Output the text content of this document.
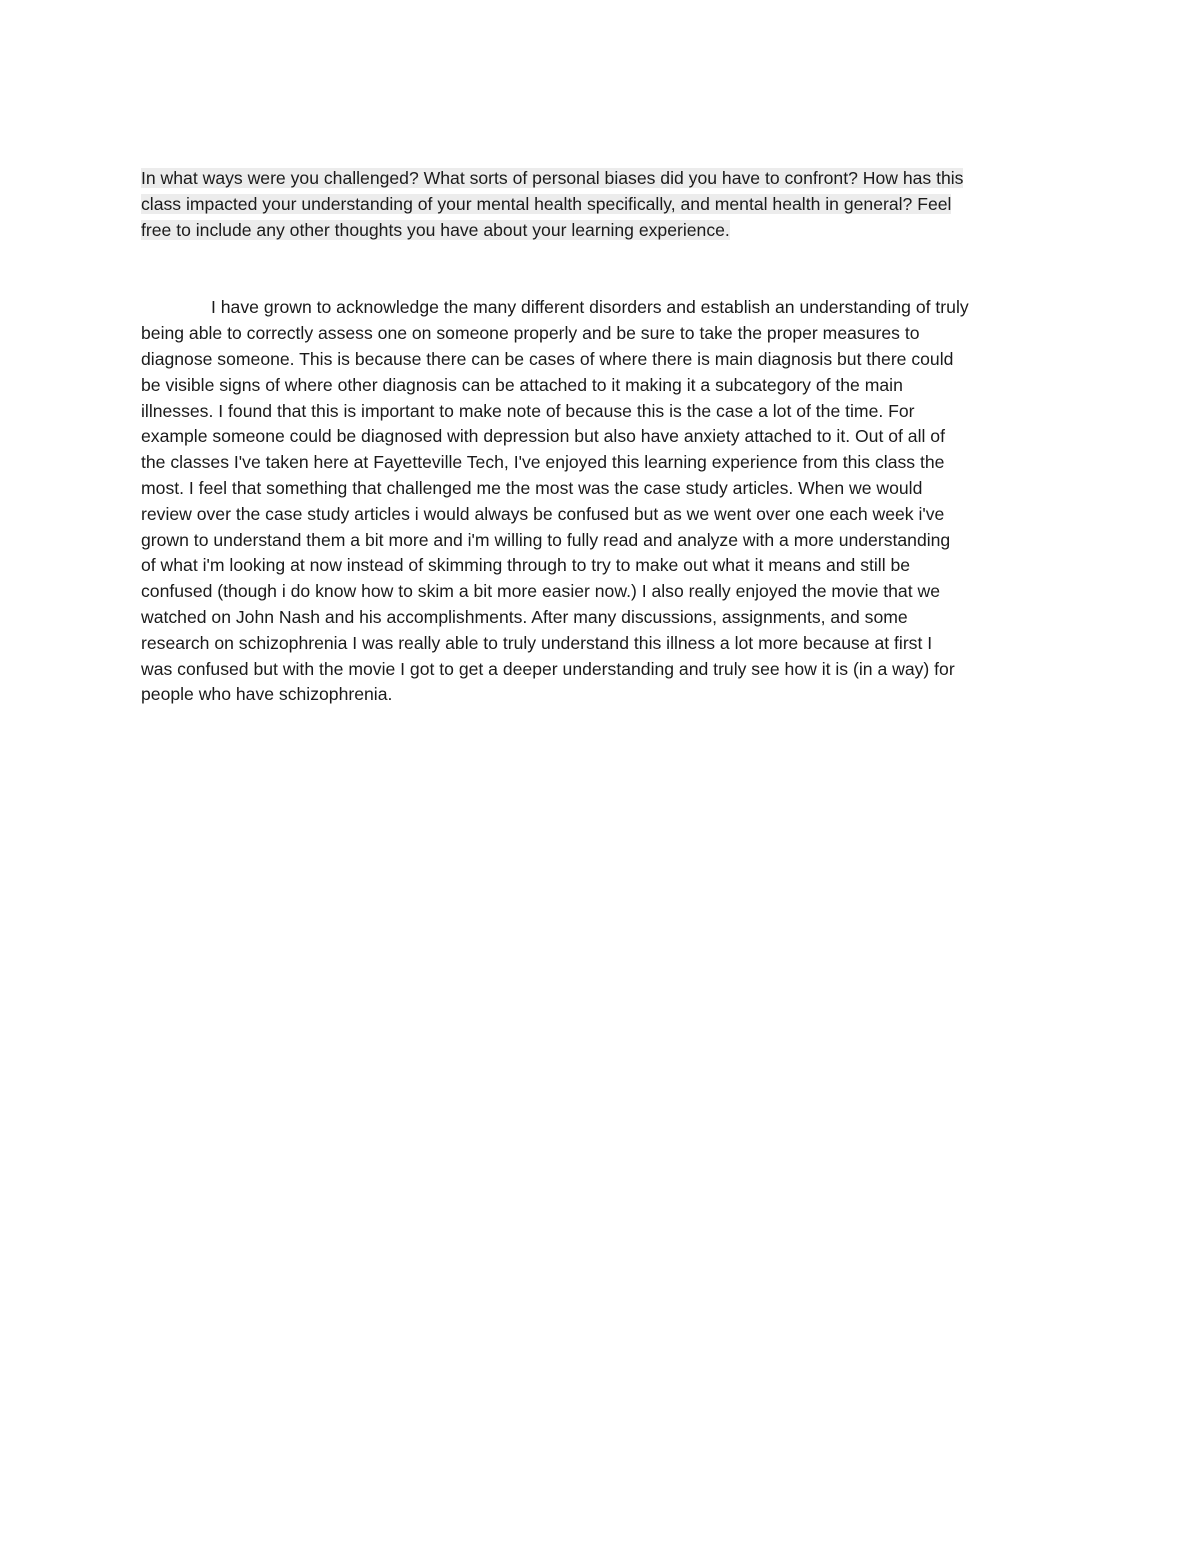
In what ways were you challenged? What sorts of personal biases did you have to confront? How has this
class impacted your understanding of your mental health specifically, and mental health in general? Feel
free to include any other thoughts you have about your learning experience.
I have grown to acknowledge the many different disorders and establish an understanding of truly
being able to correctly assess one on someone properly and be sure to take the proper measures to
diagnose someone. This is because there can be cases of where there is main diagnosis but there could
be visible signs of where other diagnosis can be attached to it making it a subcategory of the main
illnesses. I found that this is important to make note of because this is the case a lot of the time. For
example someone could be diagnosed with depression but also have anxiety attached to it. Out of all of
the classes I've taken here at Fayetteville Tech, I've enjoyed this learning experience from this class the
most. I feel that something that challenged me the most was the case study articles. When we would
review over the case study articles i would always be confused but as we went over one each week i've
grown to understand them a bit more and i'm willing to fully read and analyze with a more understanding
of what i'm looking at now instead of skimming through to try to make out what it means and still be
confused (though i do know how to skim a bit more easier now.) I also really enjoyed the movie that we
watched on John Nash and his accomplishments. After many discussions, assignments, and some
research on schizophrenia I was really able to truly understand this illness a lot more because at first I
was confused but with the movie I got to get a deeper understanding and truly see how it is (in a way) for
people who have schizophrenia.
